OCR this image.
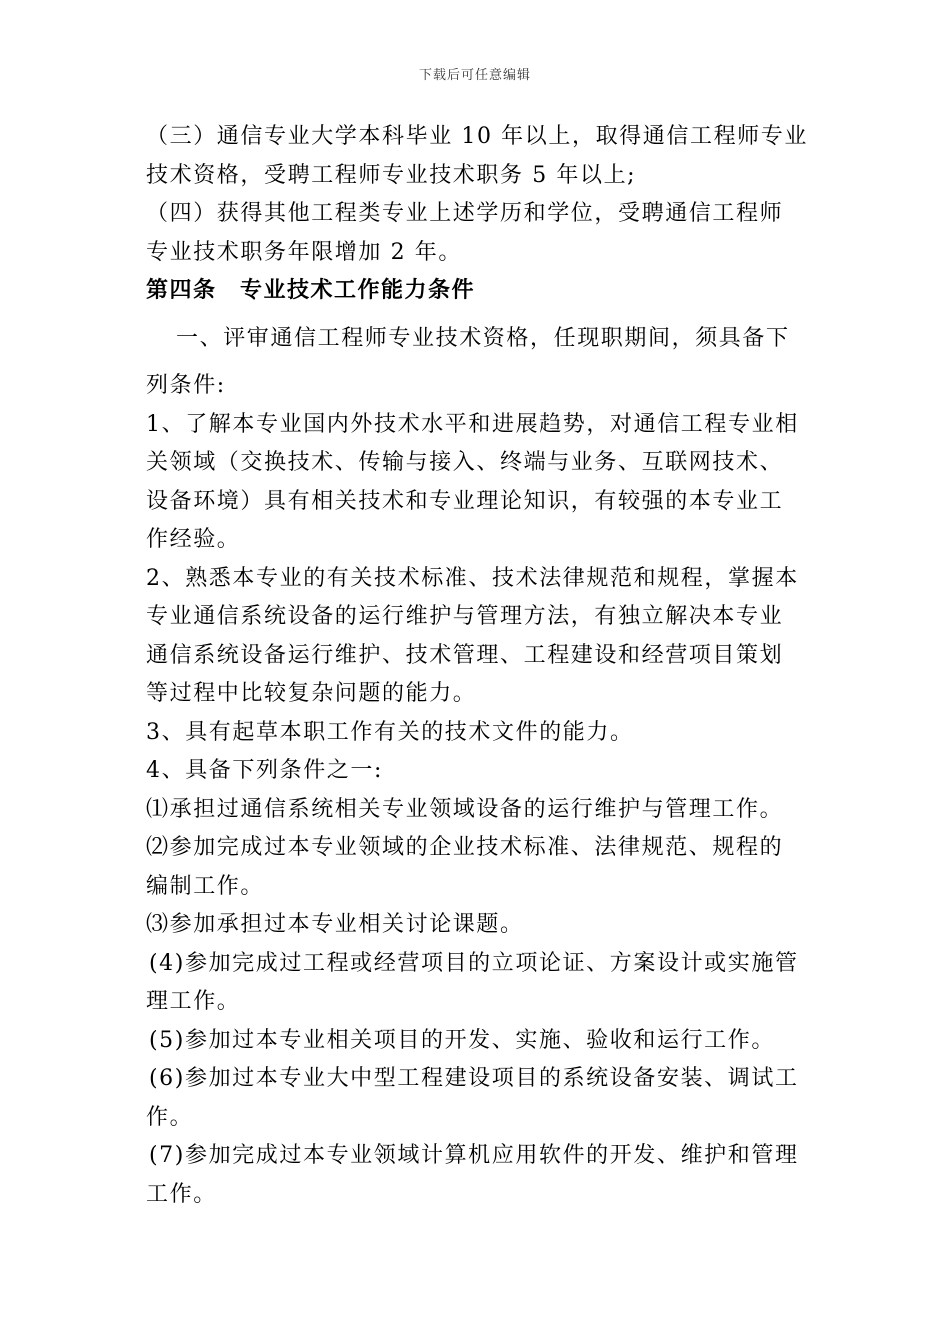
下载后可任意编辑

（三）通信专业大学本科毕业 10 年以上，取得通信工程师专业

技术资格，受聘工程师专业技术职务 5 年以上;

（四）获得其他工程类专业上述学历和学位，受聘通信工程师

专业技术职务年限增加 2 年。

第四条　专业技术工作能力条件

一、评审通信工程师专业技术资格，任现职期间，须具备下

列条件:

1、了解本专业国内外技术水平和进展趋势，对通信工程专业相

关领域（交换技术、传输与接入、终端与业务、互联网技术、

设备环境）具有相关技术和专业理论知识，有较强的本专业工

作经验。

2、熟悉本专业的有关技术标准、技术法律规范和规程，掌握本

专业通信系统设备的运行维护与管理方法，有独立解决本专业

通信系统设备运行维护、技术管理、工程建设和经营项目策划

等过程中比较复杂问题的能力。

3、具有起草本职工作有关的技术文件的能力。

4、具备下列条件之一:

⑴承担过通信系统相关专业领域设备的运行维护与管理工作。

⑵参加完成过本专业领域的企业技术标准、法律规范、规程的

编制工作。

⑶参加承担过本专业相关讨论课题。

(4)参加完成过工程或经营项目的立项论证、方案设计或实施管

理工作。

(5)参加过本专业相关项目的开发、实施、验收和运行工作。

(6)参加过本专业大中型工程建设项目的系统设备安装、调试工

作。

(7)参加完成过本专业领域计算机应用软件的开发、维护和管理

工作。
